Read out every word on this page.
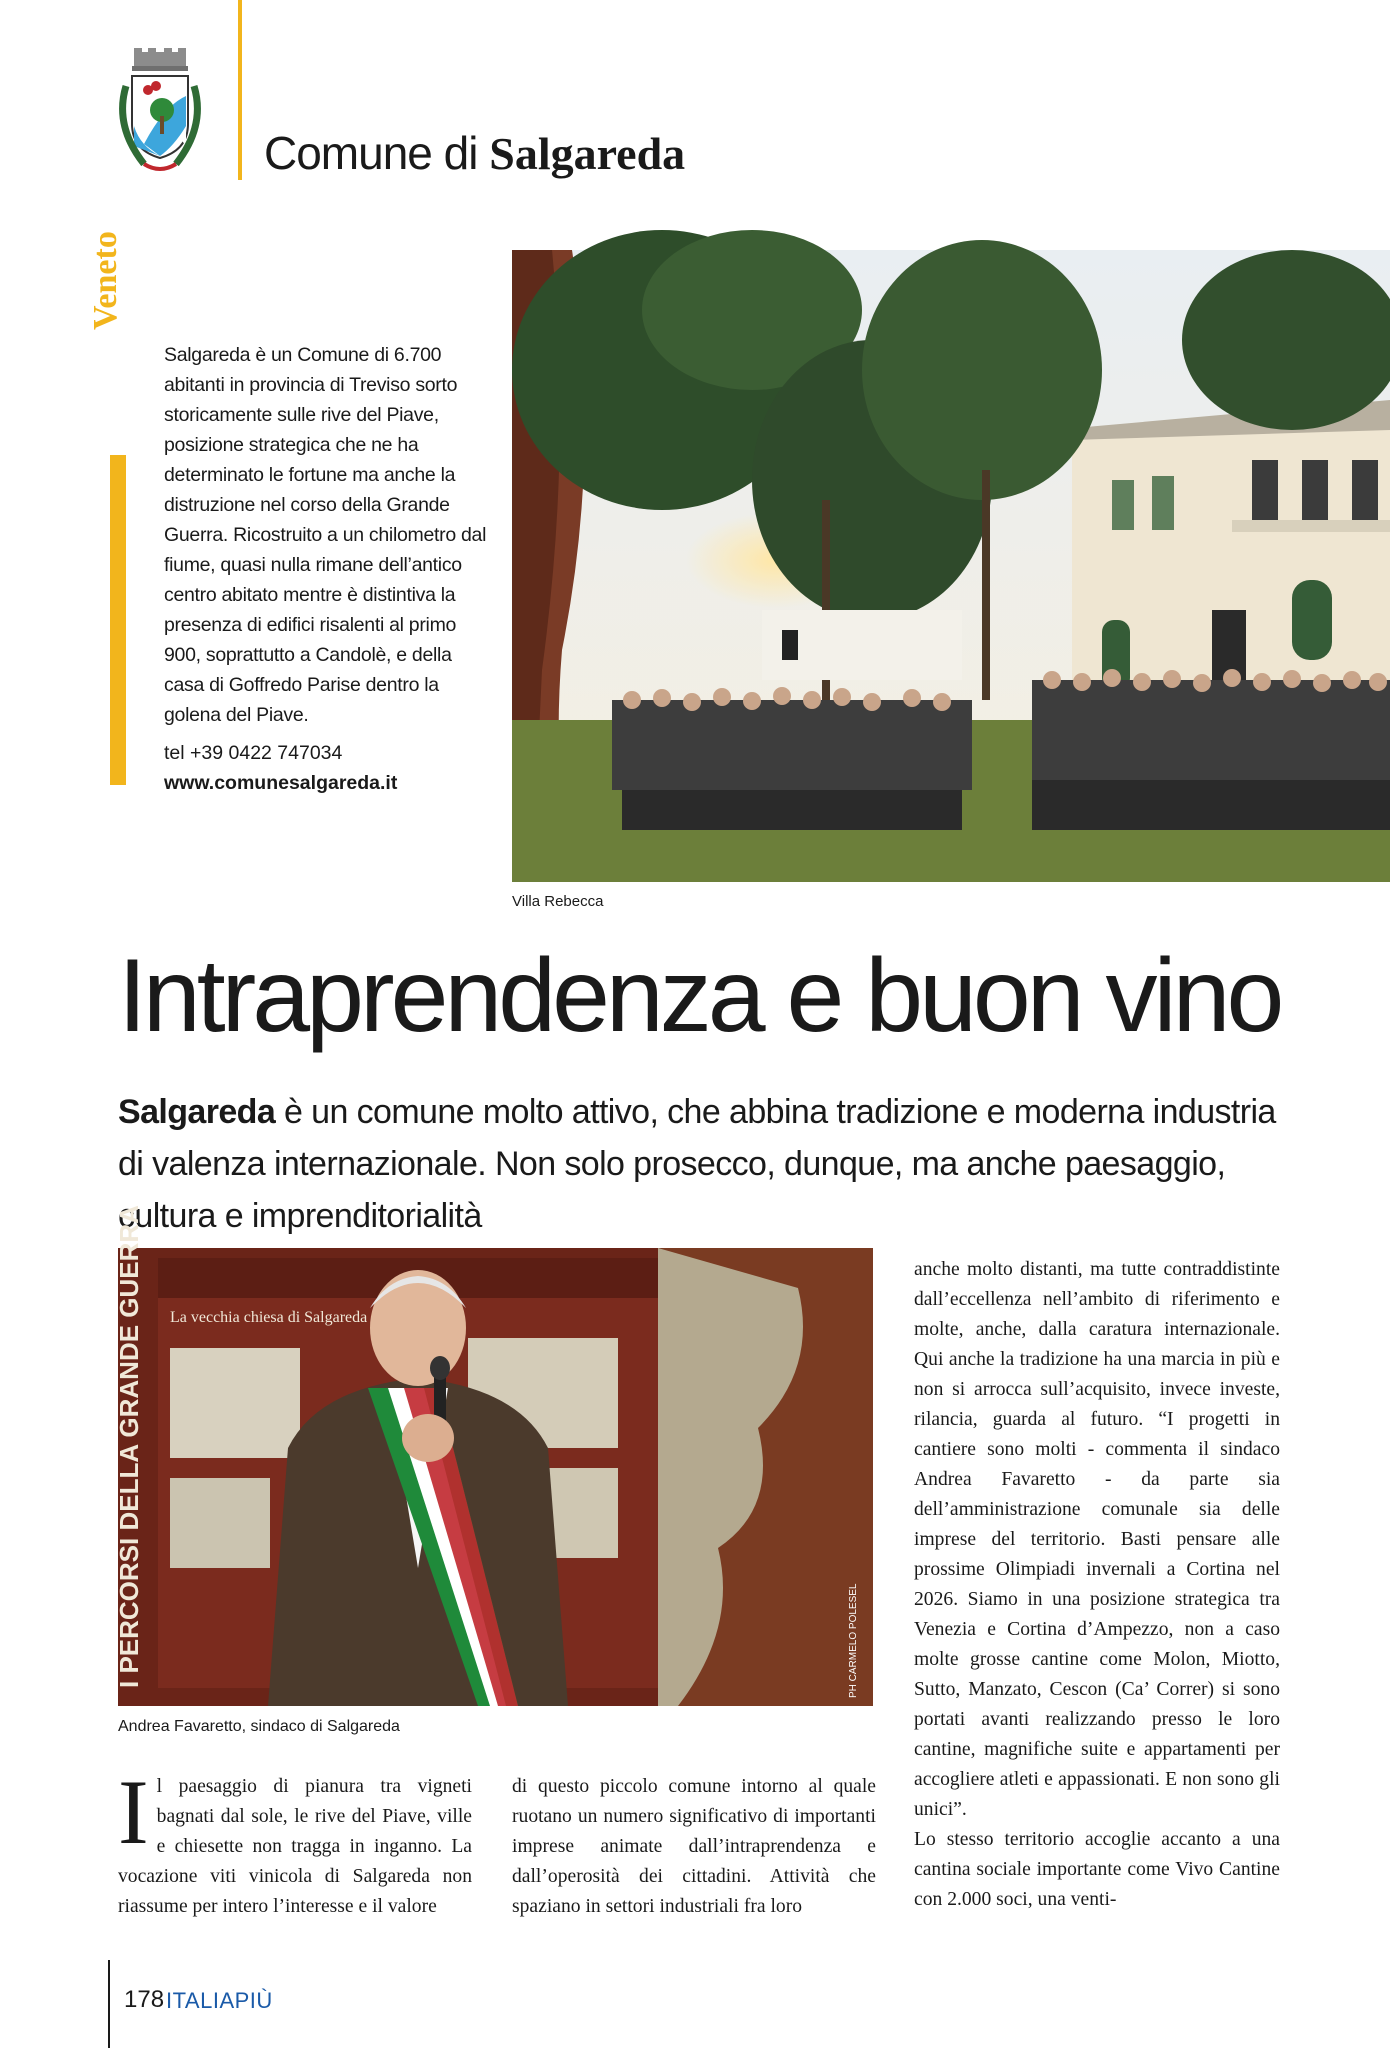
Comune di Salgareda
Veneto

Salgareda è un Comune di 6.700 abitanti in provincia di Treviso sorto storicamente sulle rive del Piave, posizione strategica che ne ha determinato le fortune ma anche la distruzione nel corso della Grande Guerra. Ricostruito a un chilometro dal fiume, quasi nulla rimane dell’antico centro abitato mentre è distintiva la presenza di edifici risalenti al primo 900, soprattutto a Candolè, e della casa di Goffredo Parise dentro la golena del Piave.

tel +39 0422 747034
www.comunesalgareda.it
Villa Rebecca
Intraprendenza e buon vino
Salgareda è un comune molto attivo, che abbina tradizione e moderna industria di valenza internazionale. Non solo prosecco, dunque, ma anche paesaggio, cultura e imprenditorialità
La vecchia chiesa di Salgareda
I PERCORSI DELLA GRANDE GUERRA	PH CARMELO POLESEL
Andrea Favaretto, sindaco di Salgareda
I l paesaggio di pianura tra vigneti bagnati dal sole, le rive del Piave, ville e chiesette non tragga in inganno. La vocazione viti vinicola di Salgareda non riassume per intero l’interesse e il valore

di questo piccolo comune intorno al quale ruotano un numero significativo di importanti imprese animate dall’intraprendenza e dall’operosità dei cittadini. Attività che spaziano in settori industriali fra loro

anche molto distanti, ma tutte contraddistinte dall’eccellenza nell’ambito di riferimento e molte, anche, dalla caratura internazionale. Qui anche la tradizione ha una marcia in più e non si arrocca sull’acquisito, invece investe, rilancia, guarda al futuro. “I progetti in cantiere sono molti - commenta il sindaco Andrea Favaretto - da parte sia dell’amministrazione comunale sia delle imprese del territorio. Basti pensare alle prossime Olimpiadi invernali a Cortina nel 2026. Siamo in una posizione strategica tra Venezia e Cortina d’Ampezzo, non a caso molte grosse cantine come Molon, Miotto, Sutto, Manzato, Cescon (Ca’ Correr) si sono portati avanti realizzando presso le loro cantine, magnifiche suite e appartamenti per accogliere atleti e appassionati. E non sono gli unici”.

Lo stesso territorio accoglie accanto a una cantina sociale importante come Vivo Cantine con 2.000 soci, una venti-

178 ITALIAPIÙ
